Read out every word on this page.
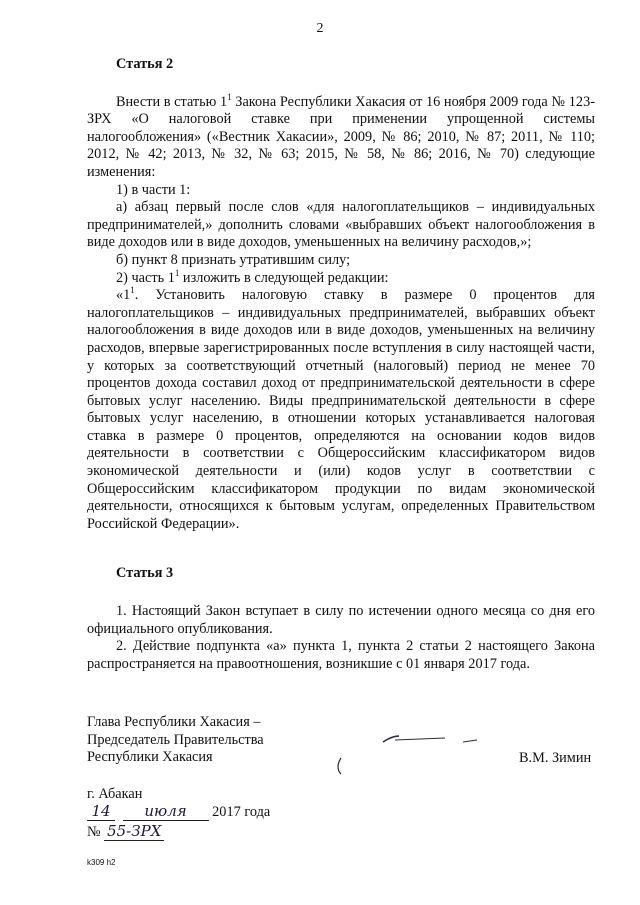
2
Статья 2

Внести в статью $1^1$ Закона Республики Хакасия от 16 ноября 2009 года № 123-ЗРХ «О налоговой ставке при применении упрощенной системы налогообложения» («Вестник Хакасии», 2009, № 86; 2010, № 87; 2011, № 110; 2012, № 42; 2013, № 32, № 63; 2015, № 58, № 86; 2016, № 70) следующие изменения:

1) в части 1:

а) абзац первый после слов «для налогоплательщиков – индивидуальных предпринимателей,» дополнить словами «выбравших объект налогообложения в виде доходов или в виде доходов, уменьшенных на величину расходов,»;

б) пункт 8 признать утратившим силу;

2) часть $1^1$ изложить в следующей редакции:

«$1^1$. Установить налоговую ставку в размере 0 процентов для налогоплательщиков – индивидуальных предпринимателей, выбравших объект налогообложения в виде доходов или в виде доходов, уменьшенных на величину расходов, впервые зарегистрированных после вступления в силу настоящей части, у которых за соответствующий отчетный (налоговый) период не менее 70 процентов дохода составил доход от предпринимательской деятельности в сфере бытовых услуг населению. Виды предпринимательской деятельности в сфере бытовых услуг населению, в отношении которых устанавливается налоговая ставка в размере 0 процентов, определяются на основании кодов видов деятельности в соответствии с Общероссийским классификатором видов экономической деятельности и (или) кодов услуг в соответствии с Общероссийским классификатором продукции по видам экономической деятельности, относящихся к бытовым услугам, определенных Правительством Российской Федерации».

Статья 3

1. Настоящий Закон вступает в силу по истечении одного месяца со дня его официального опубликования.

2. Действие подпункта «а» пункта 1, пункта 2 статьи 2 настоящего Закона распространяется на правоотношения, возникшие с 01 января 2017 года.

Глава Республики Хакасия –
Председатель Правительства
Республики Хакасия	В.М. Зимин
г. Абакан
14 июля 2017 года
№ 55-ЗРХ
k309 h2
